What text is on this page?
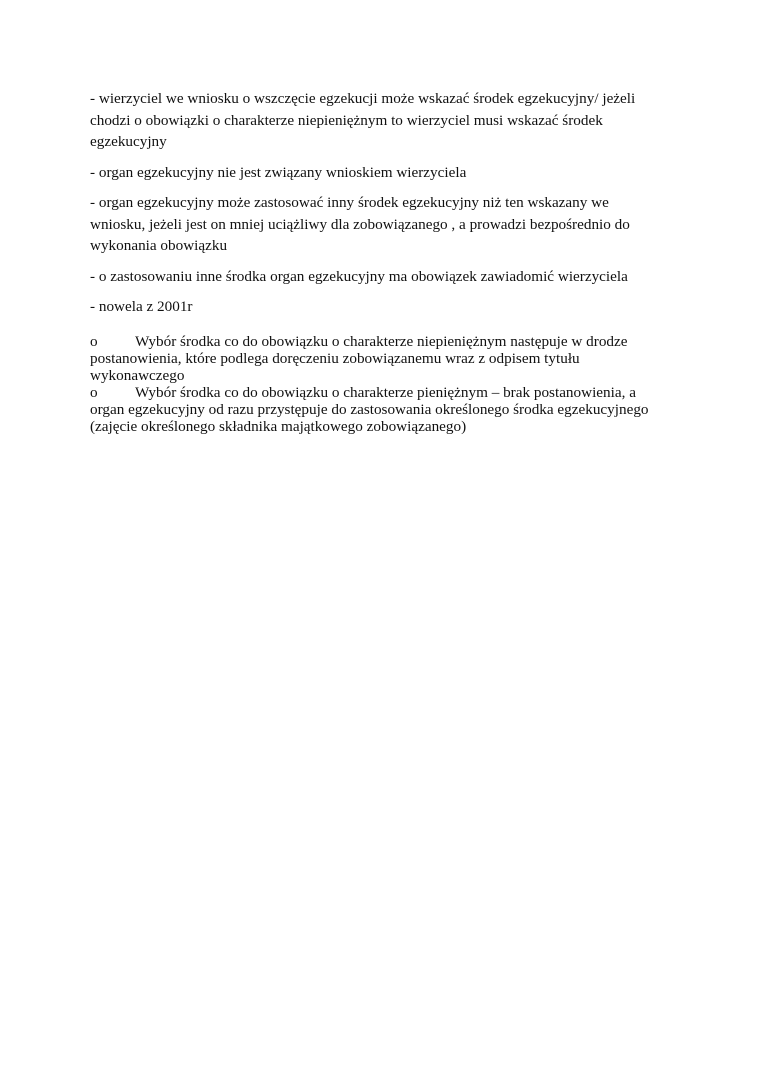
- wierzyciel we wniosku o wszczęcie egzekucji może wskazać środek egzekucyjny/ jeżeli chodzi o obowiązki o charakterze niepieniężnym to wierzyciel musi wskazać środek egzekucyjny

- organ egzekucyjny nie jest związany wnioskiem wierzyciela

- organ egzekucyjny może zastosować inny środek egzekucyjny niż ten wskazany we wniosku, jeżeli jest on mniej uciążliwy dla zobowiązanego , a prowadzi bezpośrednio do wykonania obowiązku

- o zastosowaniu inne środka organ egzekucyjny ma obowiązek zawiadomić wierzyciela

- nowela z 2001r

o Wybór środka co do obowiązku o charakterze niepieniężnym następuje w drodze postanowienia, które podlega doręczeniu zobowiązanemu wraz z odpisem tytułu wykonawczego
o Wybór środka co do obowiązku o charakterze pieniężnym – brak postanowienia, a organ egzekucyjny od razu przystępuje do zastosowania określonego środka egzekucyjnego (zajęcie określonego składnika majątkowego zobowiązanego)
